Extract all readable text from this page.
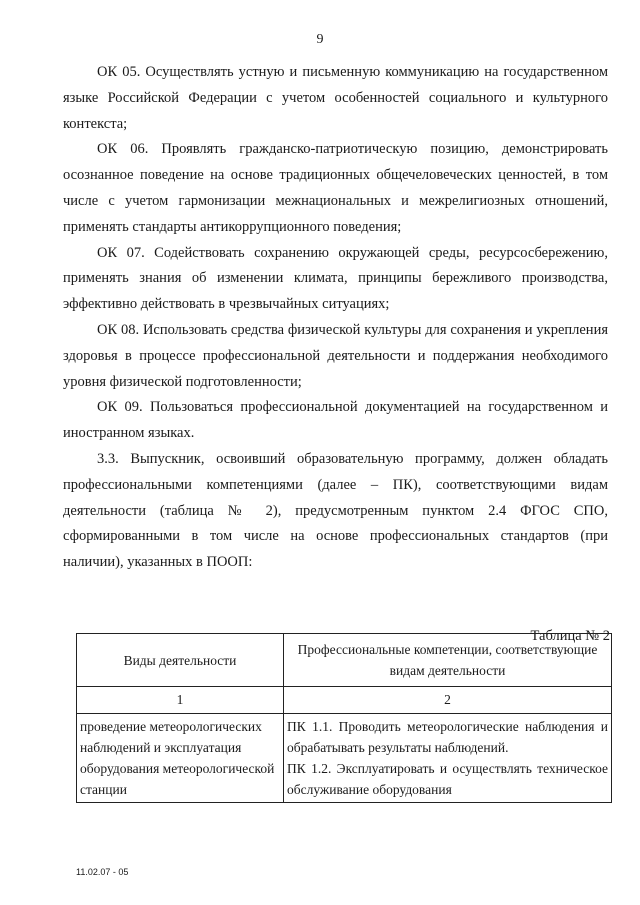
9

ОК 05. Осуществлять устную и письменную коммуникацию на государственном языке Российской Федерации с учетом особенностей социального и культурного контекста;

ОК 06. Проявлять гражданско-патриотическую позицию, демонстрировать осознанное поведение на основе традиционных общечеловеческих ценностей, в том числе с учетом гармонизации межнациональных и межрелигиозных отношений, применять стандарты антикоррупционного поведения;

ОК 07. Содействовать сохранению окружающей среды, ресурсосбережению, применять знания об изменении климата, принципы бережливого производства, эффективно действовать в чрезвычайных ситуациях;

ОК 08. Использовать средства физической культуры для сохранения и укрепления здоровья в процессе профессиональной деятельности и поддержания необходимого уровня физической подготовленности;

ОК 09. Пользоваться профессиональной документацией на государственном и иностранном языках.

3.3. Выпускник, освоивший образовательную программу, должен обладать профессиональными компетенциями (далее – ПК), соответствующими видам деятельности (таблица № 2), предусмотренным пунктом 2.4 ФГОС СПО, сформированными в том числе на основе профессиональных стандартов (при наличии), указанных в ПООП:

Таблица № 2
Виды деятельности	Профессиональные компетенции, соответствующие видам деятельности
1	2
проведение метеорологических наблюдений и эксплуатация оборудования метеорологической станции	ПК 1.1. Проводить метеорологические наблюдения и обрабатывать результаты наблюдений.
ПК 1.2. Эксплуатировать и осуществлять техническое обслуживание оборудования
11.02.07 - 05
